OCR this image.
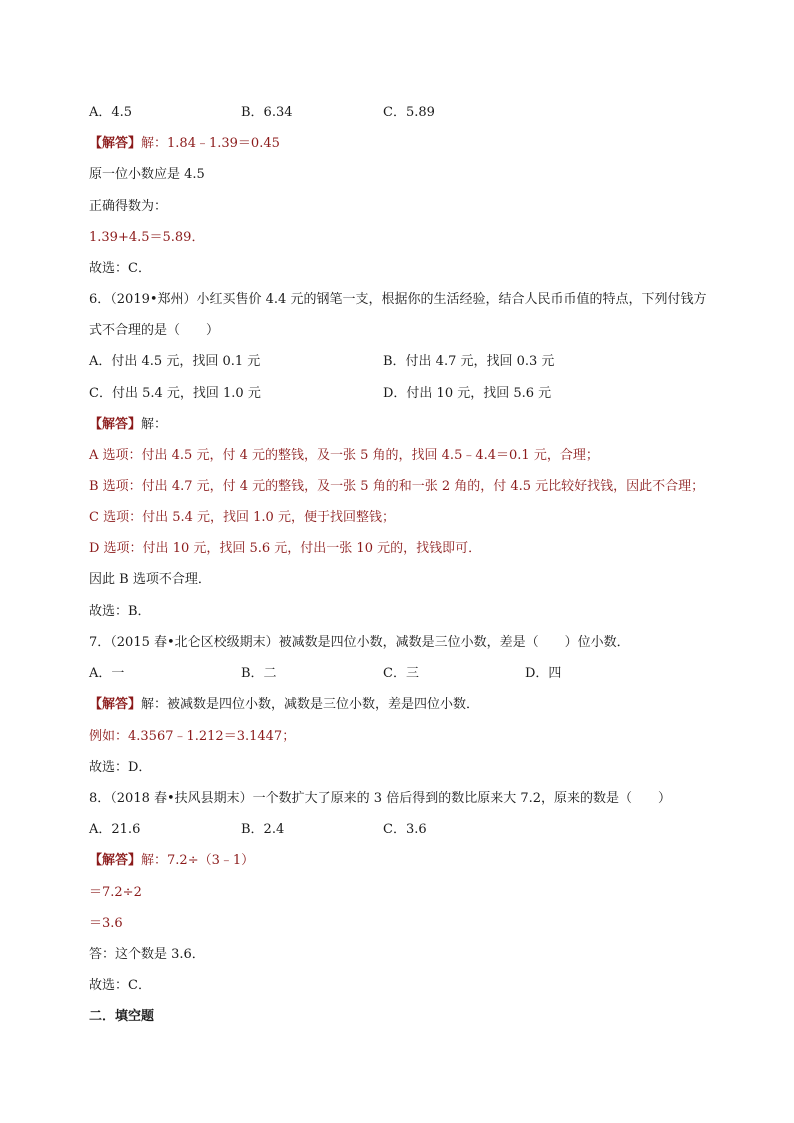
A．4.5	B．6.34	C．5.89
【解答】解：1.84﹣1.39＝0.45
原一位小数应是 4.5
正确得数为：
1.39+4.5＝5.89．
故选：C．
6．（2019•郑州）小红买售价 4.4 元的钢笔一支，根据你的生活经验，结合人民币币值的特点，下列付钱方
式不合理的是（　　）
A．付出 4.5 元，找回 0.1 元	B．付出 4.7 元，找回 0.3 元
C．付出 5.4 元，找回 1.0 元	D．付出 10 元，找回 5.6 元
【解答】解：
A 选项：付出 4.5 元，付 4 元的整钱，及一张 5 角的，找回 4.5﹣4.4＝0.1 元，合理；
B 选项：付出 4.7 元，付 4 元的整钱，及一张 5 角的和一张 2 角的，付 4.5 元比较好找钱，因此不合理；
C 选项：付出 5.4 元，找回 1.0 元，便于找回整钱；
D 选项：付出 10 元，找回 5.6 元，付出一张 10 元的，找钱即可．
因此 B 选项不合理．
故选：B．
7．（2015 春•北仑区校级期末）被减数是四位小数，减数是三位小数，差是（　　）位小数．
A．一	B．二	C．三	D．四
【解答】解：被减数是四位小数，减数是三位小数，差是四位小数．
例如：4.3567﹣1.212＝3.1447；
故选：D．
8．（2018 春•扶风县期末）一个数扩大了原来的 3 倍后得到的数比原来大 7.2，原来的数是（　　）
A．21.6	B．2.4	C．3.6
【解答】解：7.2÷（3﹣1）
＝7.2÷2
＝3.6
答：这个数是 3.6．
故选：C．
二．填空题
